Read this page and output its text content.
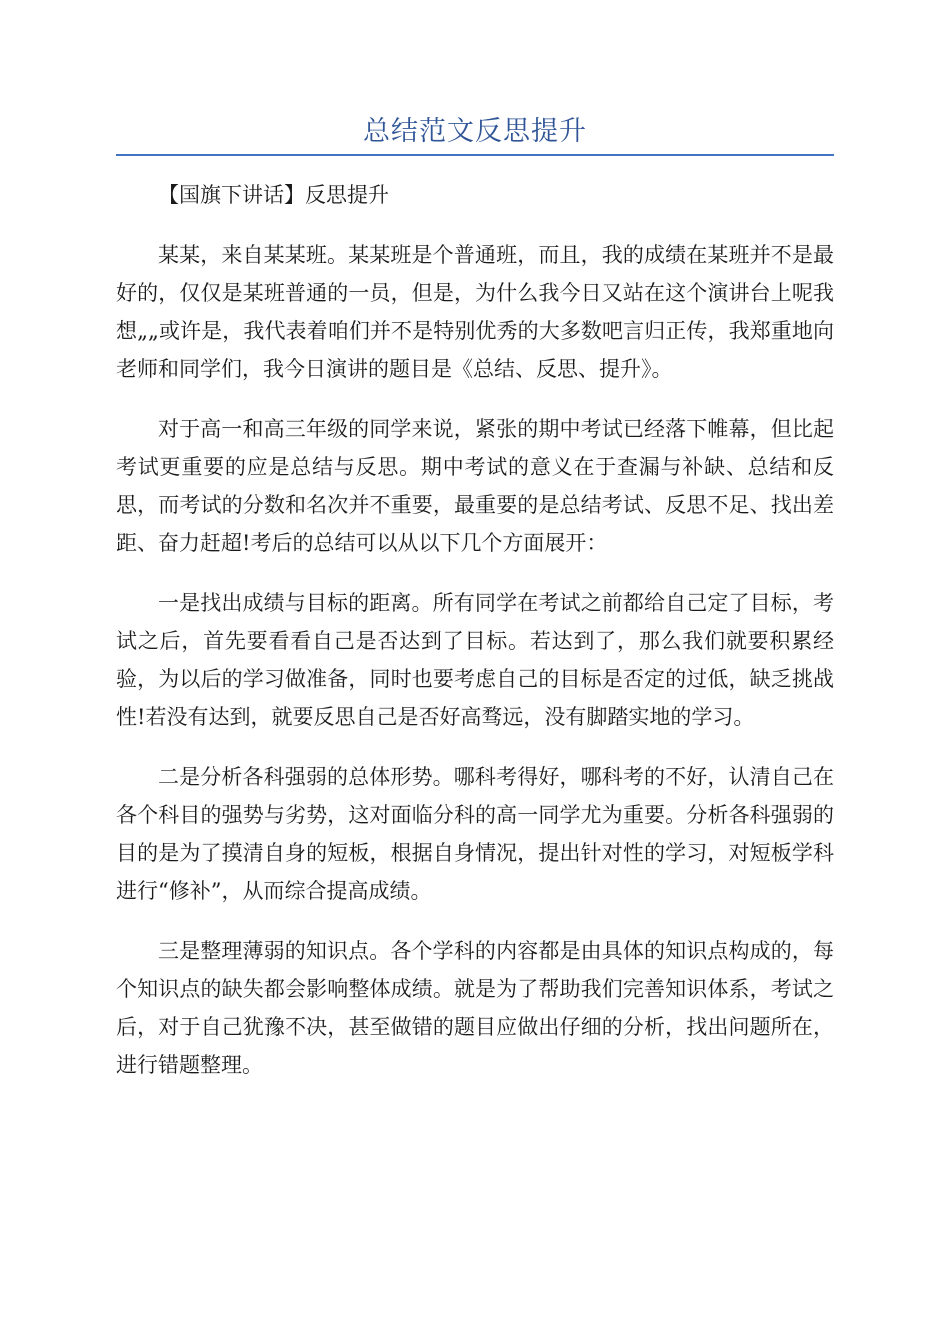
总结范文反思提升

【国旗下讲话】反思提升

某某，来自某某班。某某班是个普通班，而且，我的成绩在某班并不是最好的，仅仅是某班普通的一员，但是，为什么我今日又站在这个演讲台上呢我想„„或许是，我代表着咱们并不是特别优秀的大多数吧言归正传，我郑重地向老师和同学们，我今日演讲的题目是《总结、反思、提升》。

对于高一和高三年级的同学来说，紧张的期中考试已经落下帷幕，但比起考试更重要的应是总结与反思。期中考试的意义在于查漏与补缺、总结和反思，而考试的分数和名次并不重要，最重要的是总结考试、反思不足、找出差距、奋力赶超!考后的总结可以从以下几个方面展开：

一是找出成绩与目标的距离。所有同学在考试之前都给自己定了目标，考试之后，首先要看看自己是否达到了目标。若达到了，那么我们就要积累经验，为以后的学习做准备，同时也要考虑自己的目标是否定的过低，缺乏挑战性!若没有达到，就要反思自己是否好高骛远，没有脚踏实地的学习。

二是分析各科强弱的总体形势。哪科考得好，哪科考的不好，认清自己在各个科目的强势与劣势，这对面临分科的高一同学尤为重要。分析各科强弱的目的是为了摸清自身的短板，根据自身情况，提出针对性的学习，对短板学科进行“修补”，从而综合提高成绩。

三是整理薄弱的知识点。各个学科的内容都是由具体的知识点构成的，每个知识点的缺失都会影响整体成绩。就是为了帮助我们完善知识体系，考试之后，对于自己犹豫不决，甚至做错的题目应做出仔细的分析，找出问题所在，进行错题整理。
